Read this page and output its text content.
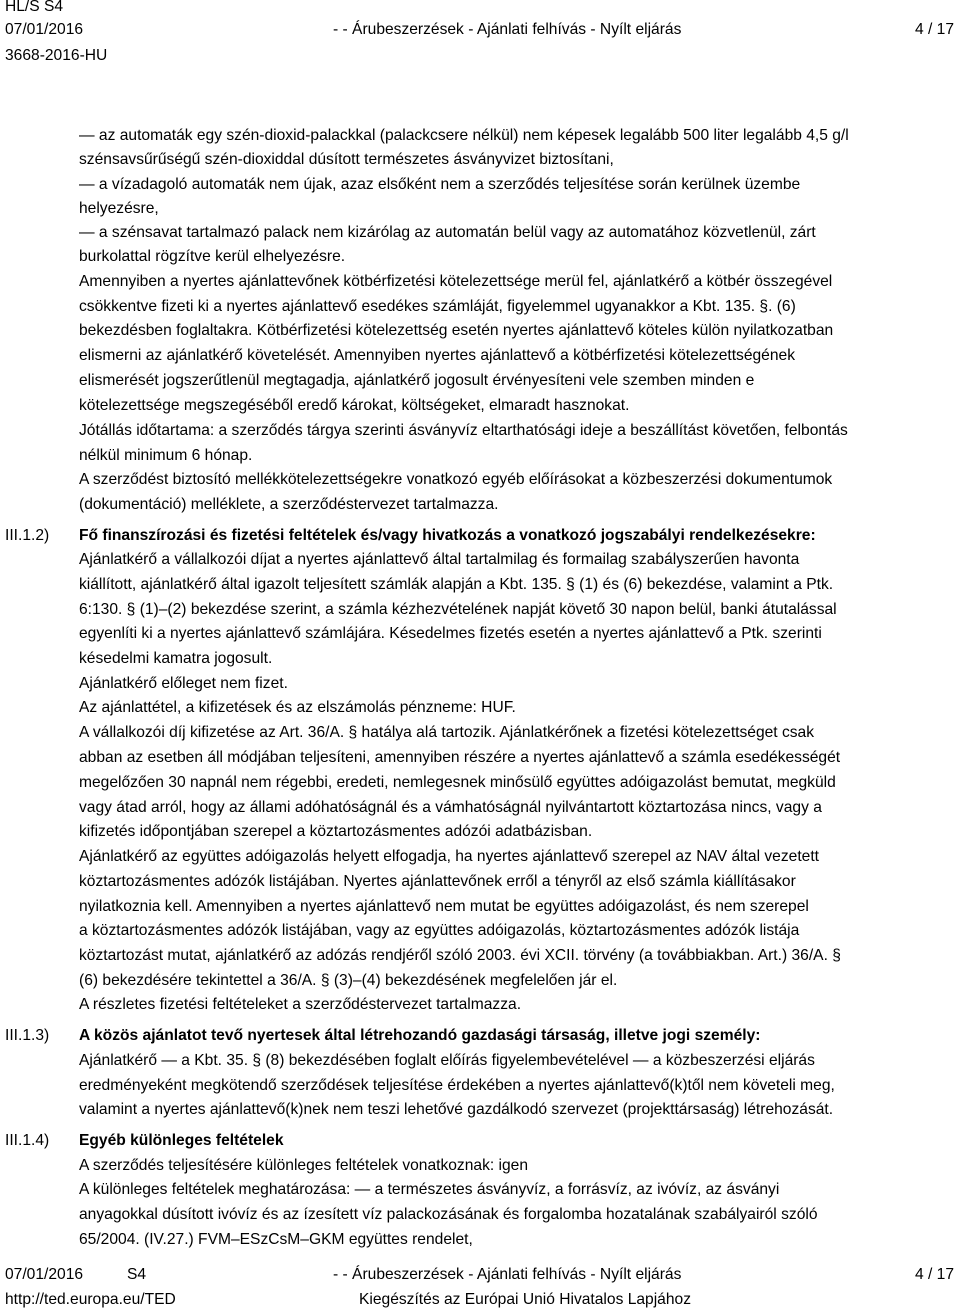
HL/S S4
07/01/2016
3668-2016-HU
- - Árubeszerzések - Ajánlati felhívás - Nyílt eljárás	4 / 17
III.1.2)
III.1.3)
III.1.4)
— az automaták egy szén-dioxid-palackkal (palackcsere nélkül) nem képesek legalább 500 liter legalább 4,5 g/l
szénsavsűrűségű szén-dioxiddal dúsított természetes ásványvizet biztosítani,
— a vízadagoló automaták nem újak, azaz elsőként nem a szerződés teljesítése során kerülnek üzembe
helyezésre,
— a szénsavat tartalmazó palack nem kizárólag az automatán belül vagy az automatához közvetlenül, zárt
burkolattal rögzítve kerül elhelyezésre.
Amennyiben a nyertes ajánlattevőnek kötbérfizetési kötelezettsége merül fel, ajánlatkérő a kötbér összegével
csökkentve fizeti ki a nyertes ajánlattevő esedékes számláját, figyelemmel ugyanakkor a Kbt. 135. §. (6)
bekezdésben foglaltakra. Kötbérfizetési kötelezettség esetén nyertes ajánlattevő köteles külön nyilatkozatban
elismerni az ajánlatkérő követelését. Amennyiben nyertes ajánlattevő a kötbérfizetési kötelezettségének
elismerését jogszerűtlenül megtagadja, ajánlatkérő jogosult érvényesíteni vele szemben minden e
kötelezettsége megszegéséből eredő károkat, költségeket, elmaradt hasznokat.
Jótállás időtartama: a szerződés tárgya szerinti ásványvíz eltarthatósági ideje a beszállítást követően, felbontás
nélkül minimum 6 hónap.
A szerződést biztosító mellékkötelezettségekre vonatkozó egyéb előírásokat a közbeszerzési dokumentumok
(dokumentáció) melléklete, a szerződéstervezet tartalmazza.
Fő finanszírozási és fizetési feltételek és/vagy hivatkozás a vonatkozó jogszabályi rendelkezésekre:
Ajánlatkérő a vállalkozói díjat a nyertes ajánlattevő által tartalmilag és formailag szabályszerűen havonta
kiállított, ajánlatkérő által igazolt teljesített számlák alapján a Kbt. 135. § (1) és (6) bekezdése, valamint a Ptk.
6:130. § (1)–(2) bekezdése szerint, a számla kézhezvételének napját követő 30 napon belül, banki átutalással
egyenlíti ki a nyertes ajánlattevő számlájára. Késedelmes fizetés esetén a nyertes ajánlattevő a Ptk. szerinti
késedelmi kamatra jogosult.
Ajánlatkérő előleget nem fizet.
Az ajánlattétel, a kifizetések és az elszámolás pénzneme: HUF.
A vállalkozói díj kifizetése az Art. 36/A. § hatálya alá tartozik. Ajánlatkérőnek a fizetési kötelezettséget csak
abban az esetben áll módjában teljesíteni, amennyiben részére a nyertes ajánlattevő a számla esedékességét
megelőzően 30 napnál nem régebbi, eredeti, nemlegesnek minősülő együttes adóigazolást bemutat, megküld
vagy átad arról, hogy az állami adóhatóságnál és a vámhatóságnál nyilvántartott köztartozása nincs, vagy a
kifizetés időpontjában szerepel a köztartozásmentes adózói adatbázisban.
Ajánlatkérő az együttes adóigazolás helyett elfogadja, ha nyertes ajánlattevő szerepel az NAV által vezetett
köztartozásmentes adózók listájában. Nyertes ajánlattevőnek erről a tényről az első számla kiállításakor
nyilatkoznia kell. Amennyiben a nyertes ajánlattevő nem mutat be együttes adóigazolást, és nem szerepel
a köztartozásmentes adózók listájában, vagy az együttes adóigazolás, köztartozásmentes adózók listája
köztartozást mutat, ajánlatkérő az adózás rendjéről szóló 2003. évi XCII. törvény (a továbbiakban. Art.) 36/A. §
(6) bekezdésére tekintettel a 36/A. § (3)–(4) bekezdésének megfelelően jár el.
A részletes fizetési feltételeket a szerződéstervezet tartalmazza.
A közös ajánlatot tevő nyertesek által létrehozandó gazdasági társaság, illetve jogi személy:
Ajánlatkérő — a Kbt. 35. § (8) bekezdésében foglalt előírás figyelembevételével — a közbeszerzési eljárás
eredményeként megkötendő szerződések teljesítése érdekében a nyertes ajánlattevő(k)től nem követeli meg,
valamint a nyertes ajánlattevő(k)nek nem teszi lehetővé gazdálkodó szervezet (projekttársaság) létrehozását.
Egyéb különleges feltételek
A szerződés teljesítésére különleges feltételek vonatkoznak: igen
A különleges feltételek meghatározása: — a természetes ásványvíz, a forrásvíz, az ivóvíz, az ásványi
anyagokkal dúsított ivóvíz és az ízesített víz palackozásának és forgalomba hozatalának szabályairól szóló
65/2004. (IV.27.) FVM–ESzCsM–GKM együttes rendelet,
07/01/2016	S4
http://ted.europa.eu/TED
- - Árubeszerzések - Ajánlati felhívás - Nyílt eljárás
Kiegészítés az Európai Unió Hivatalos Lapjához
4 / 17
